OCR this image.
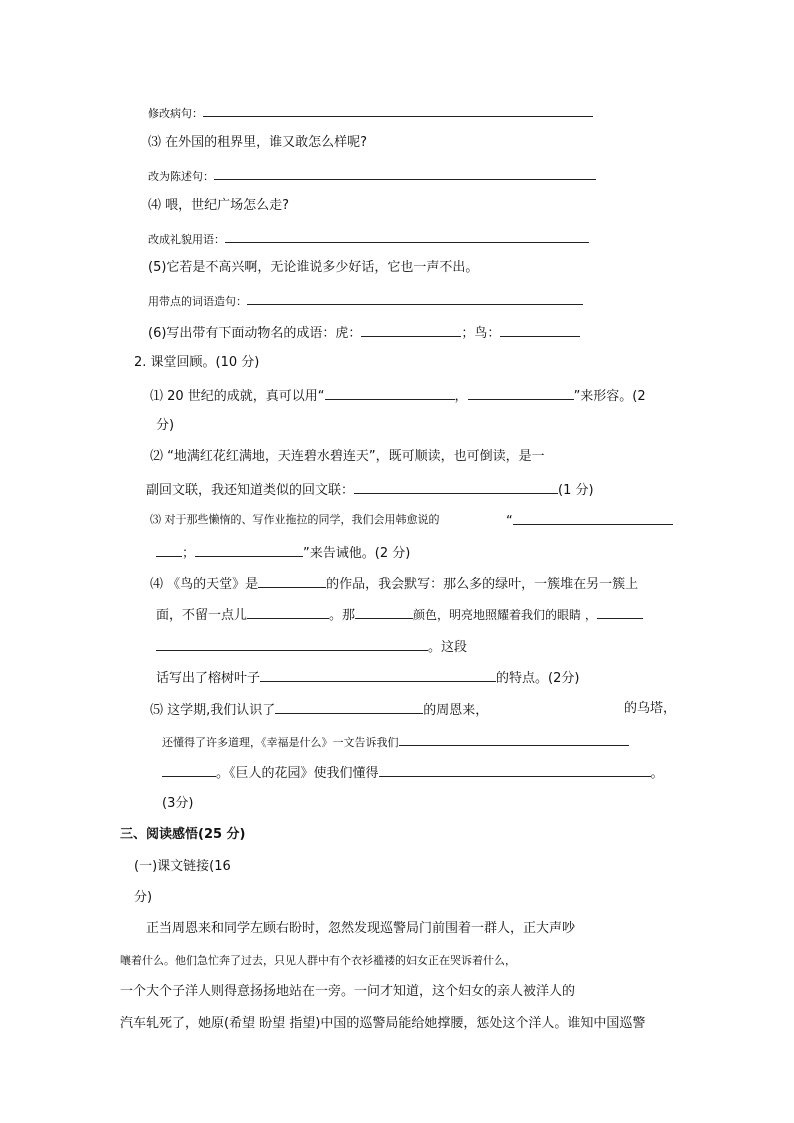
修改病句：
⑶ 在外国的租界里，谁又敢怎么样呢?
改为陈述句：
⑷ 喂，世纪广场怎么走?
改成礼貌用语：
(5)它若是不高兴啊，无论谁说多少好话，它也一声不出。
用带点的词语造句：
(6)写出带有下面动物名的成语：虎：	；鸟：
2. 课堂回顾。(10 分)
⑴ 20 世纪的成就，真可以用“	，	”来形容。(2
分)
⑵ “地满红花红满地，天连碧水碧连天”，既可顺读，也可倒读，是一
副回文联，我还知道类似的回文联：	(1 分)
⑶ 对于那些懒惰的、写作业拖拉的同学，我们会用韩愈说的	“
；	”来告诫他。(2 分)
⑷ 《鸟的天堂》是	的作品，我会默写：那么多的绿叶，一簇堆在另一簇上
面，不留一点儿	。那	颜色，明亮地照耀着我们的眼睛 ，
。这段
话写出了榕树叶子	的特点。(2分)
⑸ 这学期,我们认识了	的周恩来，	的乌塔，
还懂得了许多道理，《幸福是什么》一文告诉我们
。《巨人的花园》使我们懂得	。
(3分)
三、阅读感悟(25 分)
(一)课文链接(16
分)
正当周恩来和同学左顾右盼时，忽然发现巡警局门前围着一群人，正大声吵
嚷着什么。他们急忙奔了过去，只见人群中有个衣衫褴褛的妇女正在哭诉着什么，
一个大个子洋人则得意扬扬地站在一旁。一问才知道，这个妇女的亲人被洋人的
汽车轧死了，她原(希望 盼望 指望)中国的巡警局能给她撑腰，惩处这个洋人。谁知中国巡警
